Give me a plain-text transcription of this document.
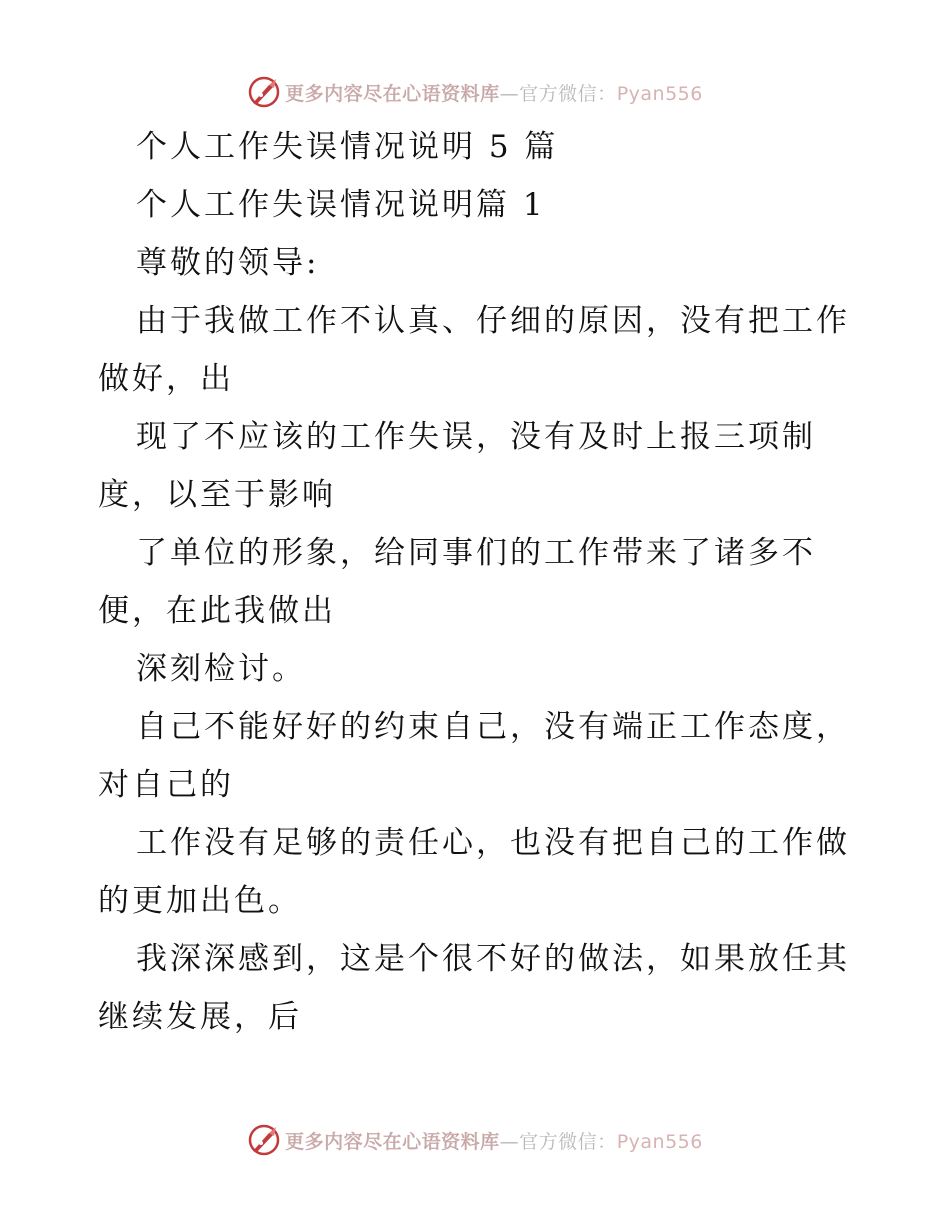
更多内容尽在心语资料库—官方微信：Pyan556
个人工作失误情况说明 5 篇
个人工作失误情况说明篇 1
尊敬的领导:
由于我做工作不认真、仔细的原因，没有把工作
做好，出
现了不应该的工作失误，没有及时上报三项制
度，以至于影响
了单位的形象，给同事们的工作带来了诸多不
便，在此我做出
深刻检讨。
自己不能好好的约束自己，没有端正工作态度，
对自己的
工作没有足够的责任心，也没有把自己的工作做
的更加出色。
我深深感到，这是个很不好的做法，如果放任其
继续发展，后
更多内容尽在心语资料库—官方微信：Pyan556
